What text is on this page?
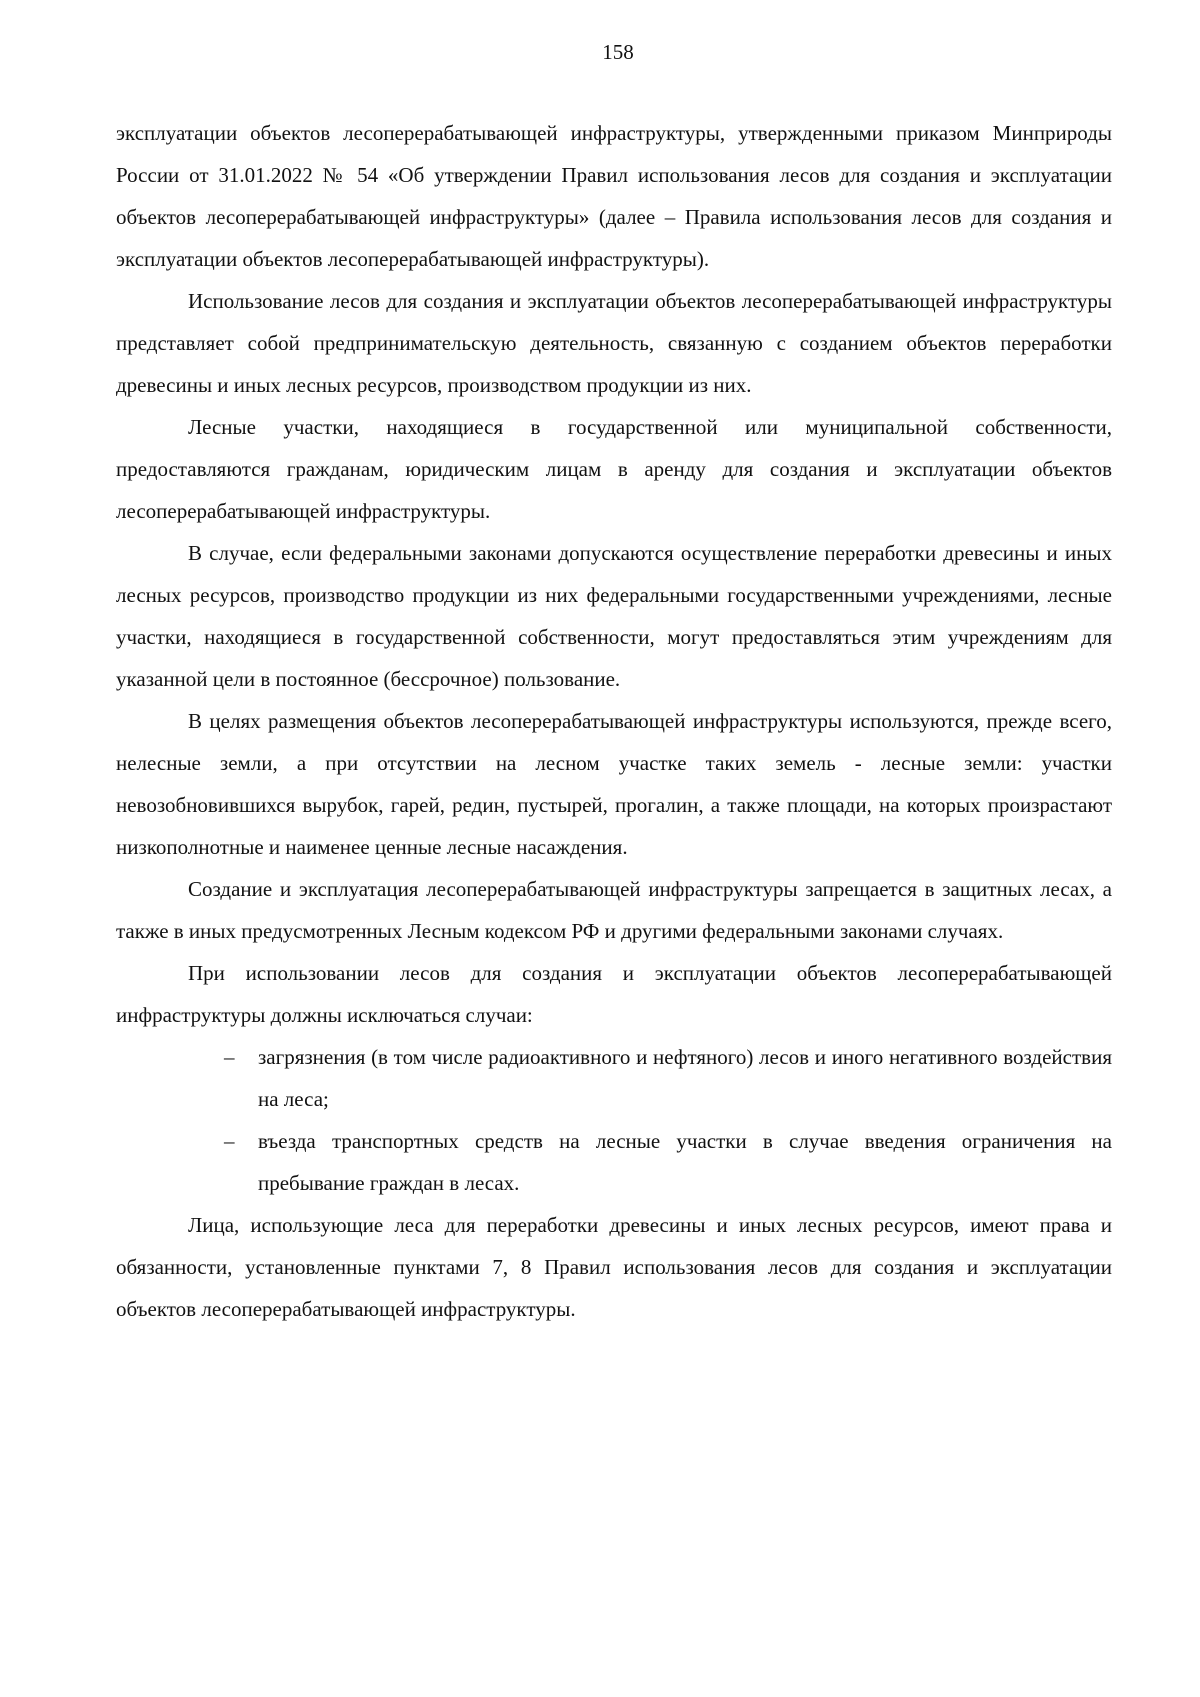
158

эксплуатации объектов лесоперерабатывающей инфраструктуры, утвержденными приказом Минприроды России от 31.01.2022 № 54 «Об утверждении Правил использования лесов для создания и эксплуатации объектов лесоперерабатывающей инфраструктуры» (далее – Правила использования лесов для создания и эксплуатации объектов лесоперерабатывающей инфраструктуры).

Использование лесов для создания и эксплуатации объектов лесоперерабатывающей инфраструктуры представляет собой предпринимательскую деятельность, связанную с созданием объектов переработки древесины и иных лесных ресурсов, производством продукции из них.

Лесные участки, находящиеся в государственной или муниципальной собственности, предоставляются гражданам, юридическим лицам в аренду для создания и эксплуатации объектов лесоперерабатывающей инфраструктуры.

В случае, если федеральными законами допускаются осуществление переработки древесины и иных лесных ресурсов, производство продукции из них федеральными государственными учреждениями, лесные участки, находящиеся в государственной собственности, могут предоставляться этим учреждениям для указанной цели в постоянное (бессрочное) пользование.

В целях размещения объектов лесоперерабатывающей инфраструктуры используются, прежде всего, нелесные земли, а при отсутствии на лесном участке таких земель - лесные земли: участки невозобновившихся вырубок, гарей, редин, пустырей, прогалин, а также площади, на которых произрастают низкополнотные и наименее ценные лесные насаждения.

Создание и эксплуатация лесоперерабатывающей инфраструктуры запрещается в защитных лесах, а также в иных предусмотренных Лесным кодексом РФ и другими федеральными законами случаях.

При использовании лесов для создания и эксплуатации объектов лесоперерабатывающей инфраструктуры должны исключаться случаи:

– загрязнения (в том числе радиоактивного и нефтяного) лесов и иного негативного воздействия на леса;
– въезда транспортных средств на лесные участки в случае введения ограничения на пребывание граждан в лесах.

Лица, использующие леса для переработки древесины и иных лесных ресурсов, имеют права и обязанности, установленные пунктами 7, 8 Правил использования лесов для создания и эксплуатации объектов лесоперерабатывающей инфраструктуры.
